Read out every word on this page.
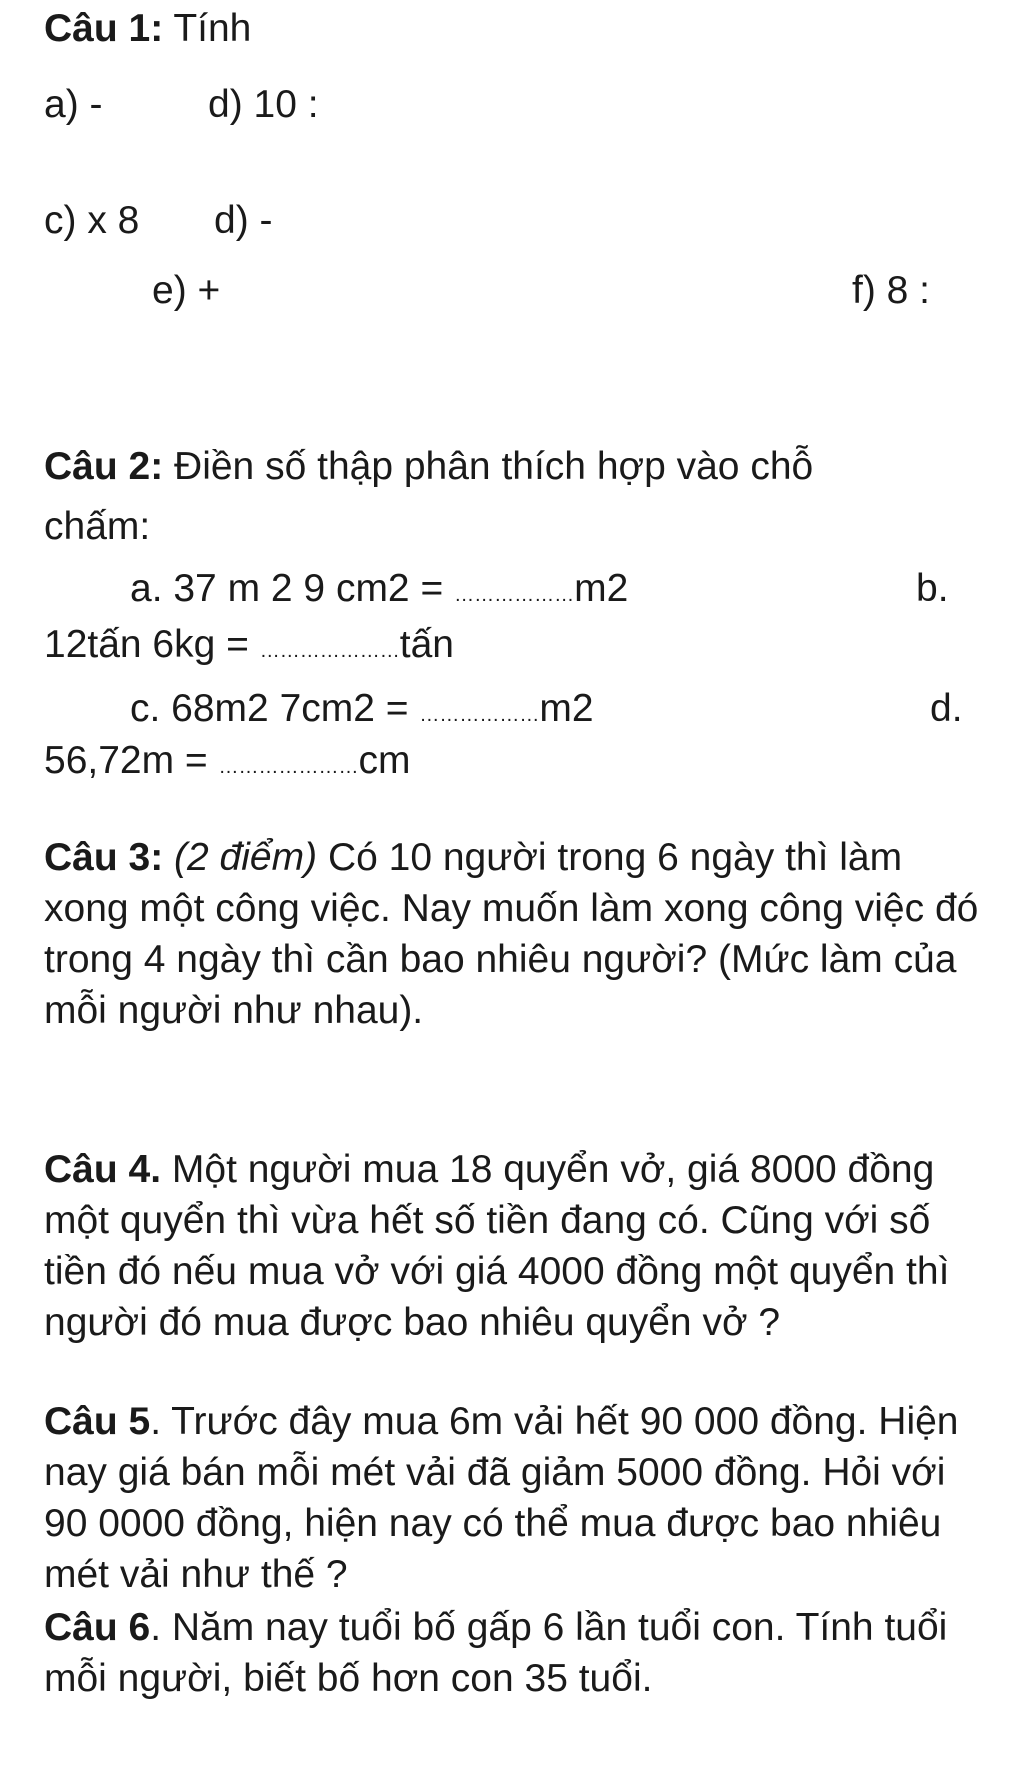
Câu 1: Tính
a) -	d) 10 :
c) x 8 d) -
e) +	f) 8 :
Câu 2: Điền số thập phân thích hợp vào chỗ
chấm:
a. 37 m 2 9 cm2 = ………………m2	b.
12tấn 6kg = …………………tấn
c. 68m2 7cm2 = ………………m2	d.
56,72m = …………………cm
Câu 3: (2 điểm) Có 10 người trong 6 ngày thì làm xong một công việc. Nay muốn làm xong công việc đó trong 4 ngày thì cần bao nhiêu người? (Mức làm của mỗi người như nhau).
Câu 4. Một người mua 18 quyển vở, giá 8000 đồng một quyển thì vừa hết số tiền đang có. Cũng với số tiền đó nếu mua vở với giá 4000 đồng một quyển thì người đó mua được bao nhiêu quyển vở ?
Câu 5. Trước đây mua 6m vải hết 90 000 đồng. Hiện nay giá bán mỗi mét vải đã giảm 5000 đồng. Hỏi với 90 0000 đồng, hiện nay có thể mua được bao nhiêu mét vải như thế ?
Câu 6. Năm nay tuổi bố gấp 6 lần tuổi con. Tính tuổi mỗi người, biết bố hơn con 35 tuổi.
